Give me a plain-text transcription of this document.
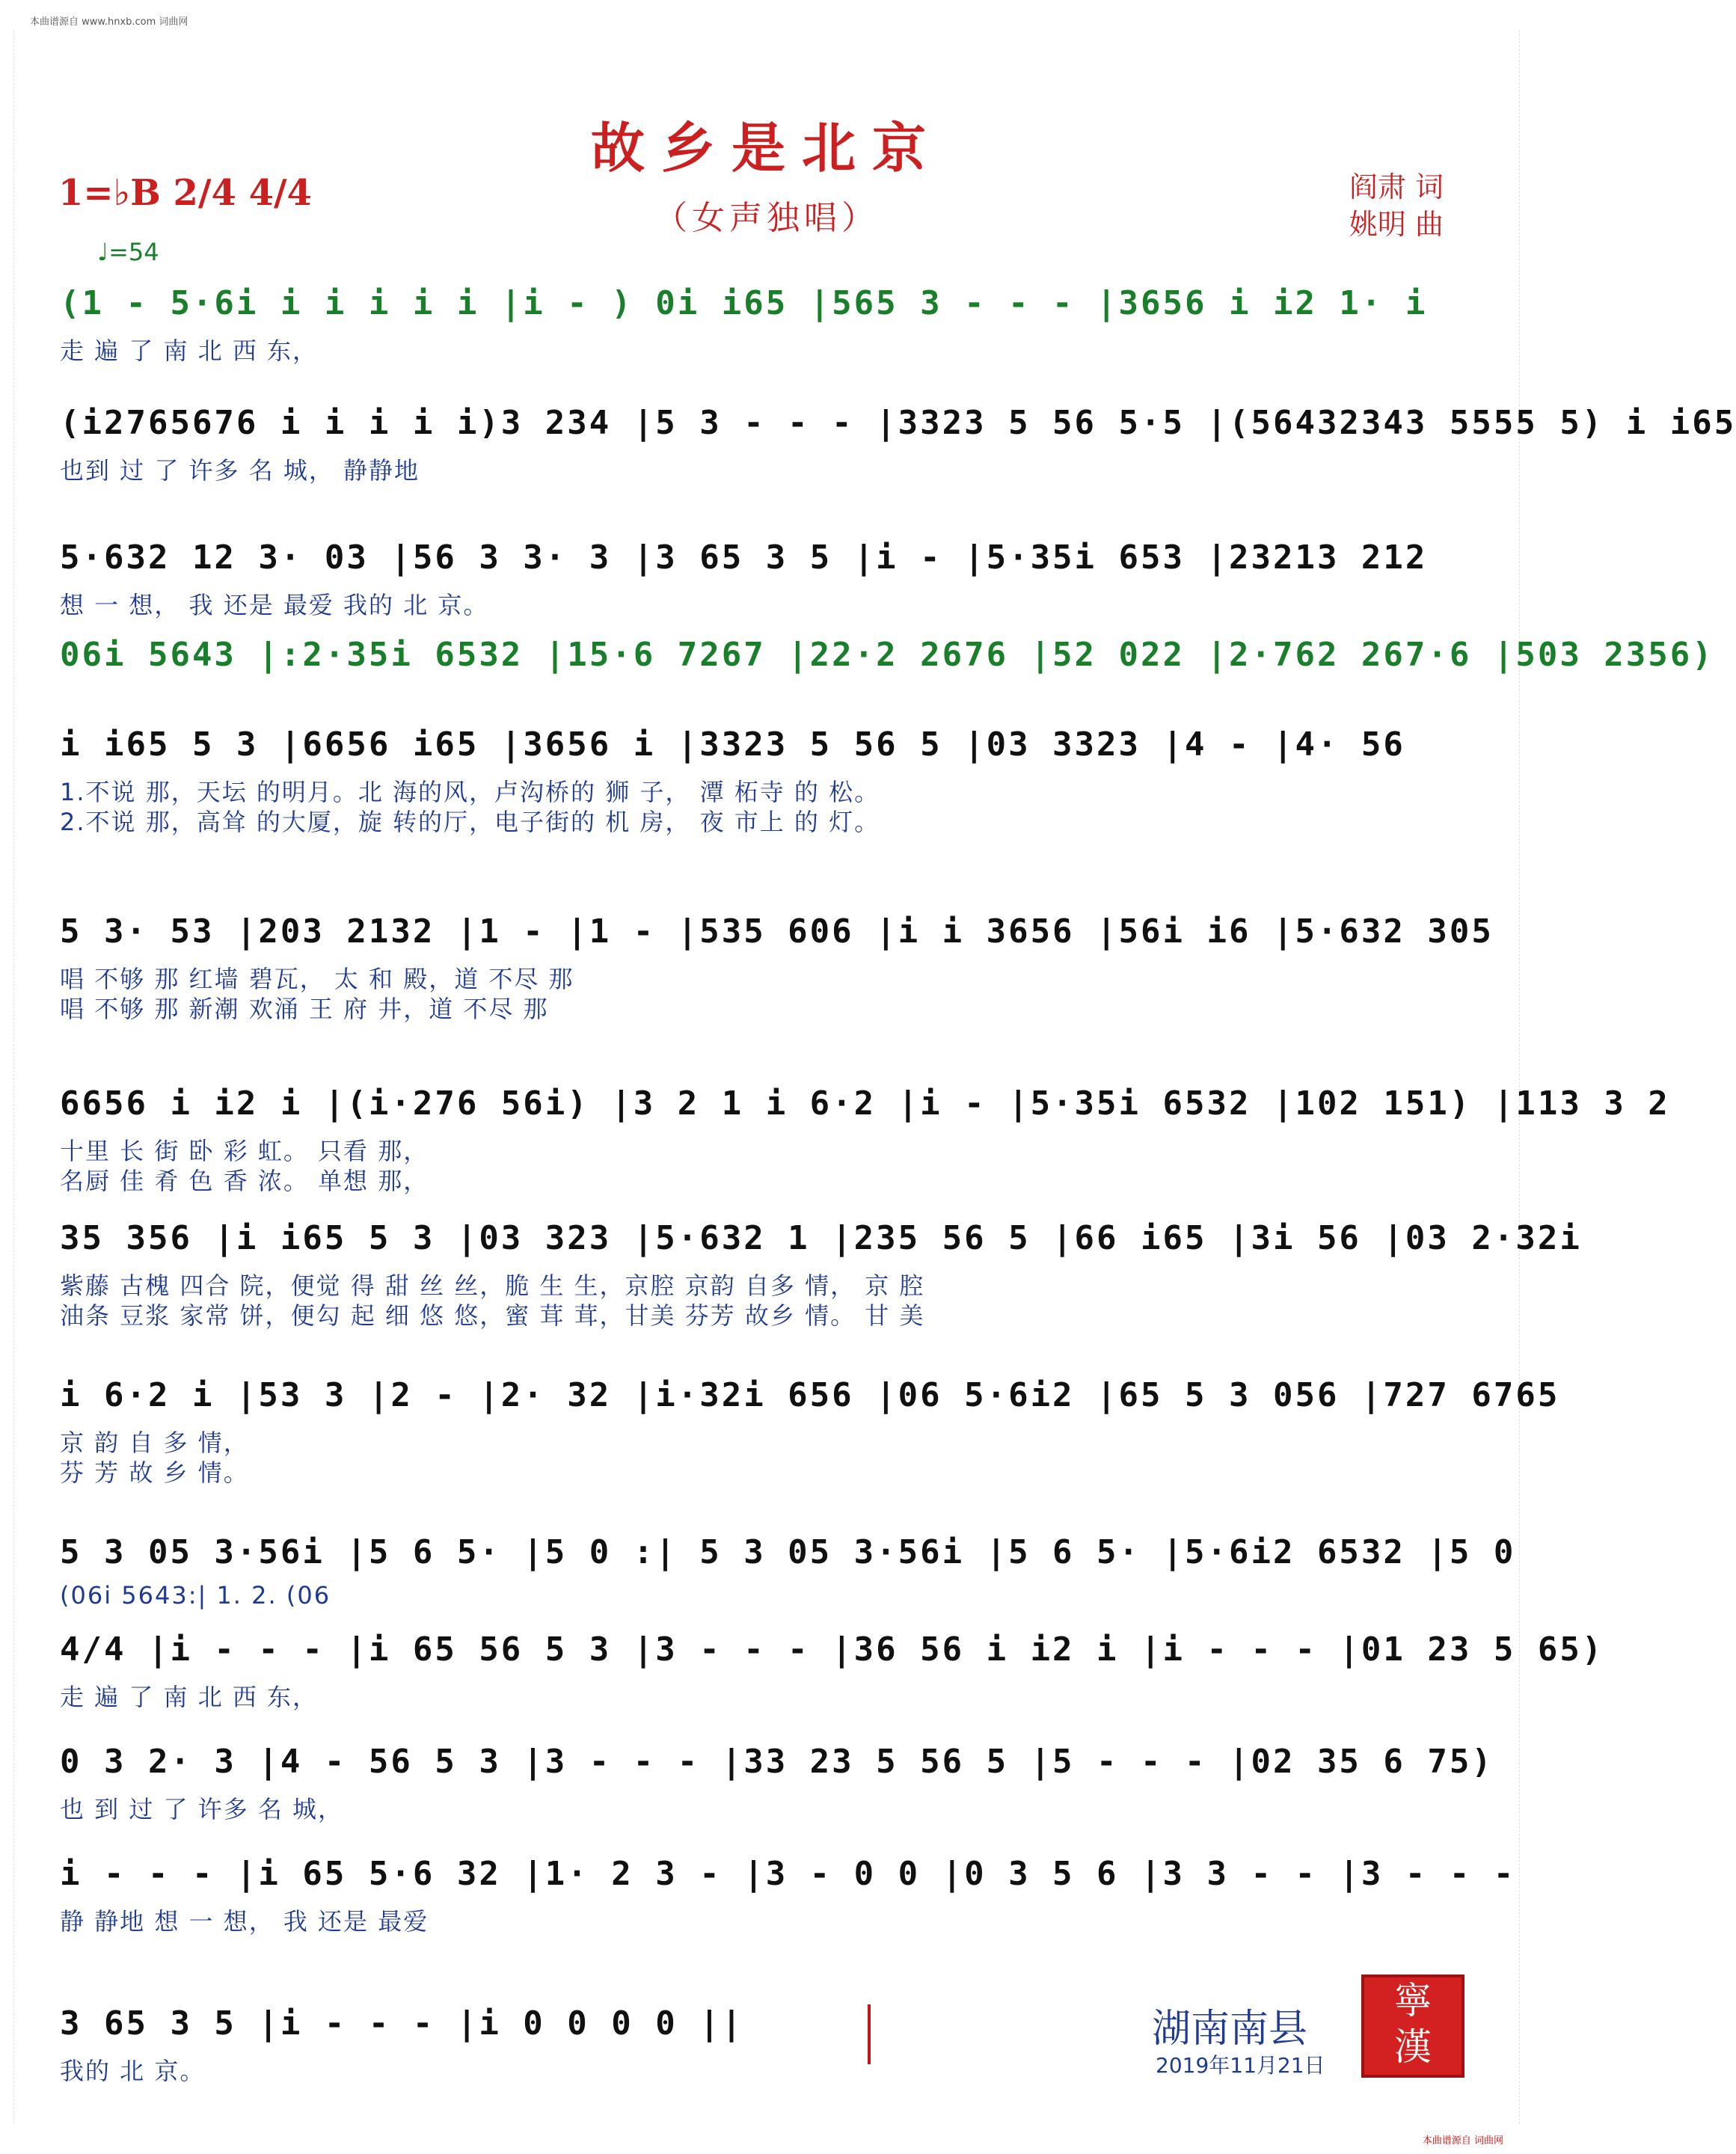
本曲谱源自 www.hnxb.com 词曲网
故乡是北京
（女声独唱）
1=♭B 2/4 4/4
♩=54
阎肃 词
姚明 曲
(1 - 5·6i i i i i i |i - ) 0i i65 |565 3 - - - |3656 i i2 1· i
走 遍 了 南 北 西 东，
(i2765676 i i i i i)3 234 |5 3 - - - |3323 5 56 5·5 |(56432343 5555 5) i i65
也到 过 了 许多 名 城， 静静地
5·632 12 3· 03 |56 3 3· 3 |3 65 3 5 |i - |5·35i 653 |23213 212
想 一 想， 我 还是 最爱 我的 北 京。
06i 5643 |:2·35i 6532 |15·6 7267 |22·2 2676 |52 022 |2·762 267·6 |503 2356)
i i65 5 3 |6656 i65 |3656 i |3323 5 56 5 |03 3323 |4 - |4· 56
1.不说 那，天坛 的明月。北 海的风，卢沟桥的 狮 子， 潭 柘寺 的 松。
2.不说 那，高耸 的大厦，旋 转的厅，电子街的 机 房， 夜 市上 的 灯。
5 3· 53 |203 2132 |1 - |1 - |535 606 |i i 3656 |56i i6 |5·632 305
唱 不够 那 红墙 碧瓦， 太 和 殿，道 不尽 那
唱 不够 那 新潮 欢涌 王 府 井，道 不尽 那
6656 i i2 i |(i·276 56i) |3 2 1 i 6·2 |i - |5·35i 6532 |102 151) |113 3 2
十里 长 街 卧 彩 虹。 只看 那，
名厨 佳 肴 色 香 浓。 单想 那，
35 356 |i i65 5 3 |03 323 |5·632 1 |235 56 5 |66 i65 |3i 56 |03 2·32i
紫藤 古槐 四合 院，便觉 得 甜 丝 丝，脆 生 生，京腔 京韵 自多 情， 京 腔
油条 豆浆 家常 饼，便勾 起 细 悠 悠，蜜 茸 茸，甘美 芬芳 故乡 情。 甘 美
i 6·2 i |53 3 |2 - |2· 32 |i·32i 656 |06 5·6i2 |65 5 3 056 |727 6765
京 韵 自 多 情，
芬 芳 故 乡 情。
5 3 05 3·56i |5 6 5· |5 0 :| 5 3 05 3·56i |5 6 5· |5·6i2 6532 |5 0
(06i 5643:| 1. 2. (06
4/4 |i - - - |i 65 56 5 3 |3 - - - |36 56 i i2 i |i - - - |01 23 5 65)
走 遍 了 南 北 西 东，
0 3 2· 3 |4 - 56 5 3 |3 - - - |33 23 5 56 5 |5 - - - |02 35 6 75)
也 到 过 了 许多 名 城，
i - - - |i 65 5·6 32 |1· 2 3 - |3 - 0 0 |0 3 5 6 |3 3 - - |3 - - -
静 静地 想 一 想， 我 还是 最爱
3 65 3 5 |i - - - |i 0 0 0 0 ||
我的 北 京。
湖南南县
2019年11月21日
寧
漢
本曲谱源自 词曲网
